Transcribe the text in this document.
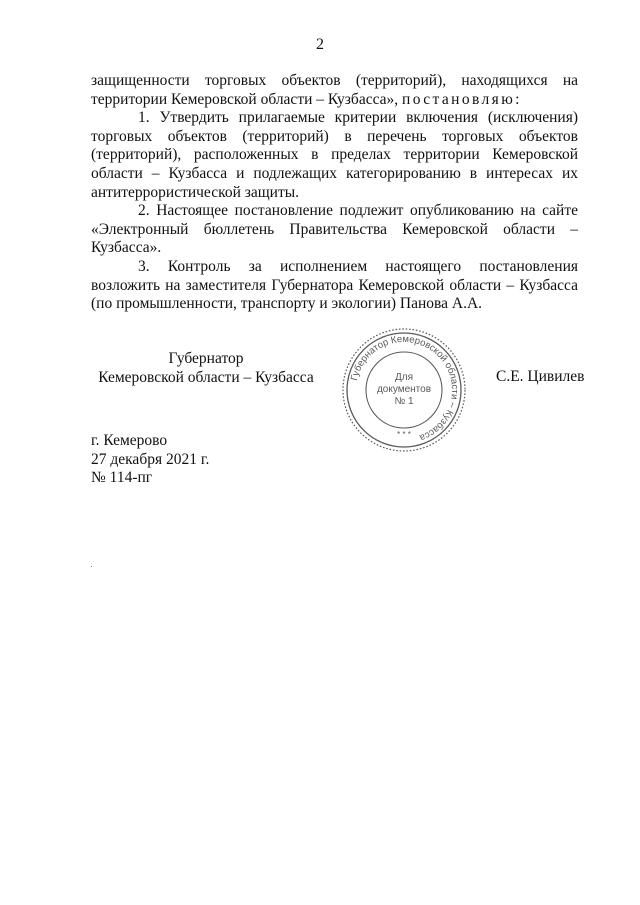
2

защищенности торговых объектов (территорий), находящихся на территории Кемеровской области – Кузбасса», постановляю:

1. Утвердить прилагаемые критерии включения (исключения) торговых объектов (территорий) в перечень торговых объектов (территорий), расположенных в пределах территории Кемеровской области – Кузбасса и подлежащих категорированию в интересах их антитеррористической защиты.

2. Настоящее постановление подлежит опубликованию на сайте «Электронный бюллетень Правительства Кемеровской области – Кузбасса».

3. Контроль за исполнением настоящего постановления возложить на заместителя Губернатора Кемеровской области – Кузбасса (по промышленности, транспорту и экологии) Панова А.А.

Губернатор
Кемеровской области – Кузбасса	Губернатор Кемеровской области – Кузбасса
Для
документов
№ 1
* * *
С.Е. Цивилев
г. Кемерово
27 декабря 2021 г.
№ 114-пг
